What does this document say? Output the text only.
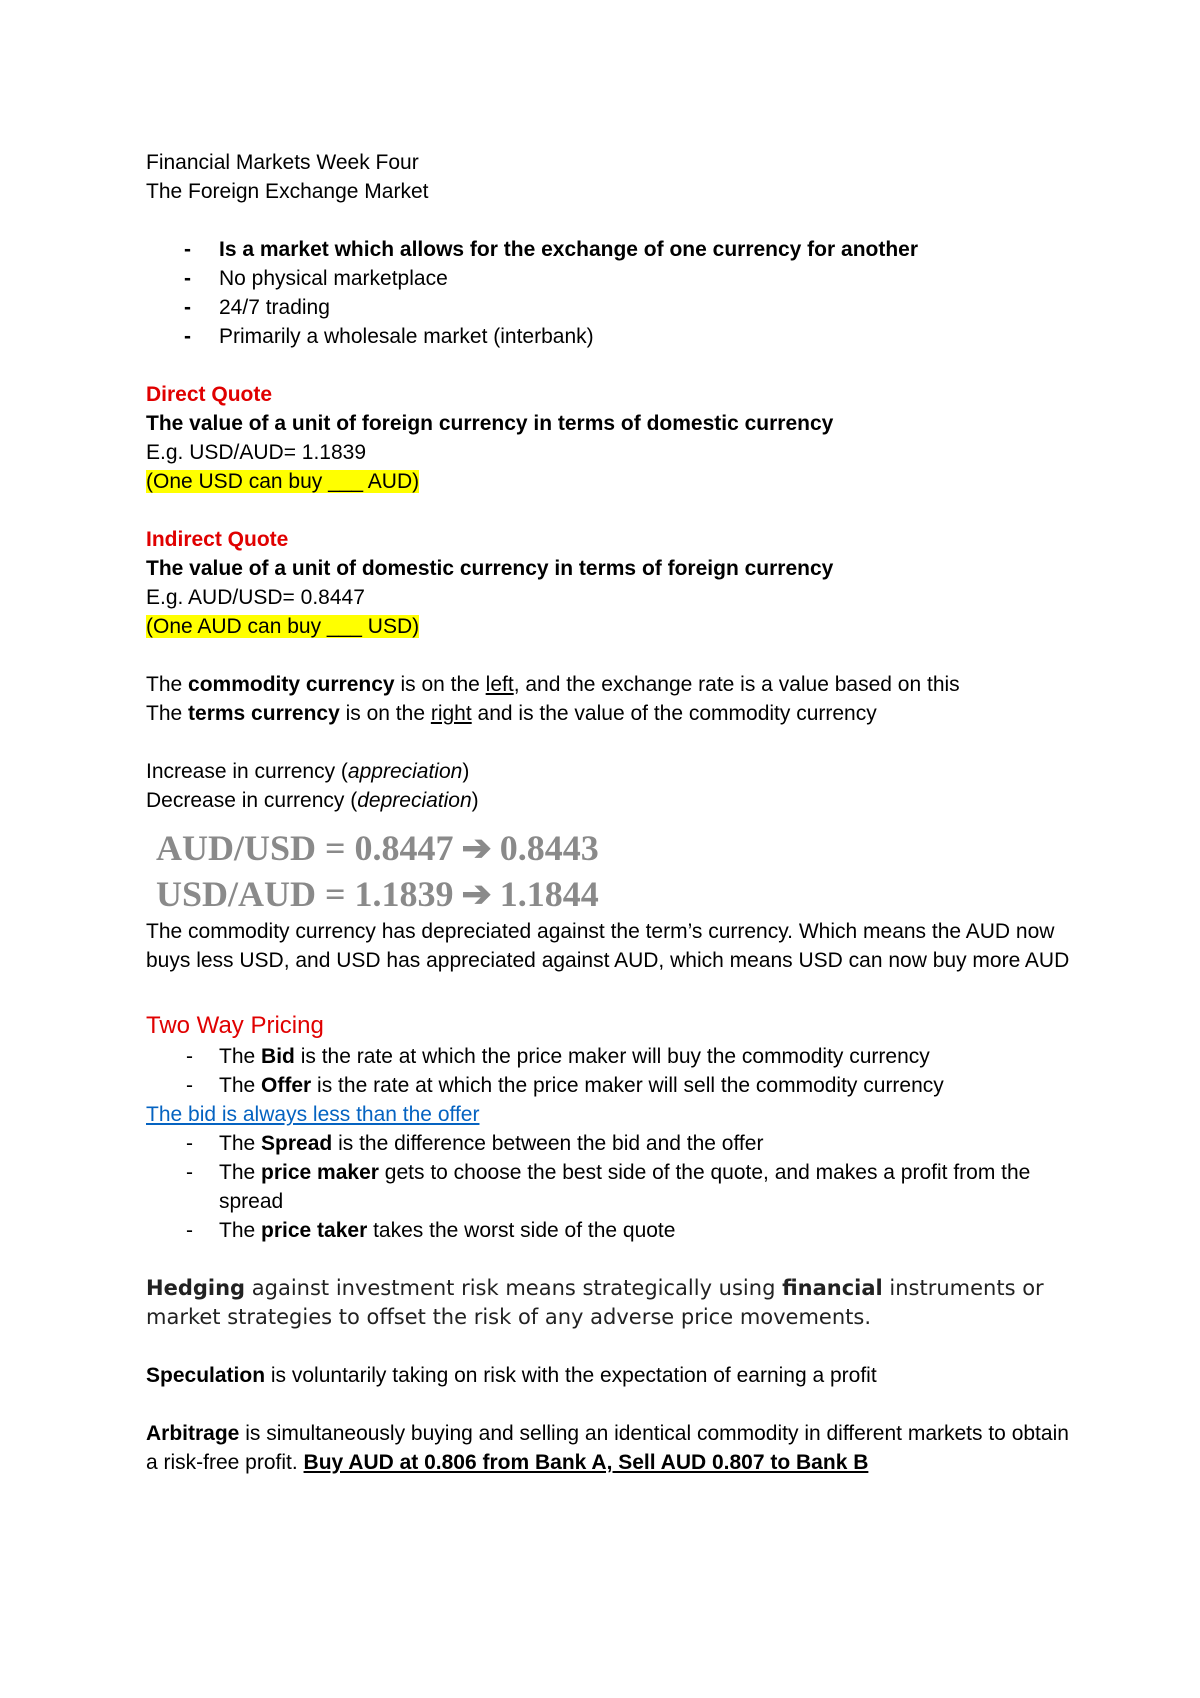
Financial Markets Week Four
The Foreign Exchange Market
- Is a market which allows for the exchange of one currency for another
- No physical marketplace
- 24/7 trading
- Primarily a wholesale market (interbank)
Direct Quote
The value of a unit of foreign currency in terms of domestic currency
E.g. USD/AUD= 1.1839
(One USD can buy ___ AUD)
Indirect Quote
The value of a unit of domestic currency in terms of foreign currency
E.g. AUD/USD= 0.8447
(One AUD can buy ___ USD)
The commodity currency is on the left, and the exchange rate is a value based on this
The terms currency is on the right and is the value of the commodity currency
Increase in currency (appreciation)
Decrease in currency (depreciation)
AUD/USD = 0.8447 ➔ 0.8443
USD/AUD = 1.1839 ➔ 1.1844
The commodity currency has depreciated against the term’s currency. Which means the AUD now buys less USD, and USD has appreciated against AUD, which means USD can now buy more AUD
Two Way Pricing
- The Bid is the rate at which the price maker will buy the commodity currency
- The Offer is the rate at which the price maker will sell the commodity currency
The bid is always less than the offer
- The Spread is the difference between the bid and the offer
- The price maker gets to choose the best side of the quote, and makes a profit from the spread
- The price taker takes the worst side of the quote
Hedging against investment risk means strategically using financial instruments or market strategies to offset the risk of any adverse price movements.
Speculation is voluntarily taking on risk with the expectation of earning a profit
Arbitrage is simultaneously buying and selling an identical commodity in different markets to obtain a risk-free profit. Buy AUD at 0.806 from Bank A, Sell AUD 0.807 to Bank B
